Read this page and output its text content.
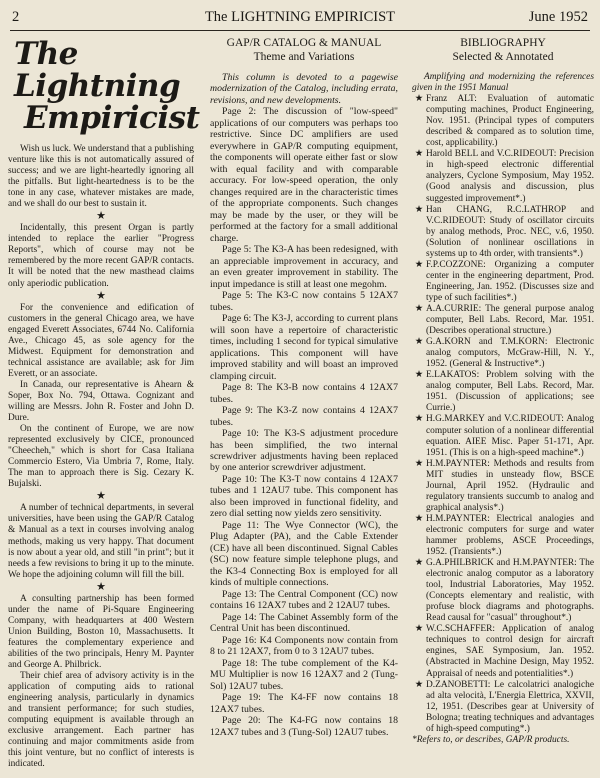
2	The LIGHTNING EMPIRICIST	June 1952
The Lightning
Empiricist

Wish us luck. We understand that a publishing venture like this is not automatically assured of success; and we are light-heartedly ignoring all the pitfalls. But light-heartedness is to be the tone in any case, whatever mistakes are made, and we shall do our best to sustain it.

★

Incidentally, this present Organ is partly intended to replace the earlier "Progress Reports", which of course may not be remembered by the more recent GAP/R contacts. It will be noted that the new masthead claims only aperiodic publication.

★

For the convenience and edification of customers in the general Chicago area, we have engaged Everett Associates, 6744 No. California Ave., Chicago 45, as sole agency for the Midwest. Equipment for demonstration and technical assistance are available; ask for Jim Everett, or an associate.

In Canada, our representative is Ahearn & Soper, Box No. 794, Ottawa. Cognizant and willing are Messrs. John R. Foster and John D. Dure.

On the continent of Europe, we are now represented exclusively by CICE, pronounced "Cheecheh," which is short for Casa Italiana Commercio Estero, Via Umbria 7, Rome, Italy. The man to approach there is Sig. Cezary K. Bujalski.

★

A number of technical departments, in several universities, have been using the GAP/R Catalog & Manual as a text in courses involving analog methods, making us very happy. That document is now about a year old, and still "in print"; but it needs a few revisions to bring it up to the minute. We hope the adjoining column will fill the bill.

★

A consulting partnership has been formed under the name of Pi-Square Engineering Company, with headquarters at 400 Western Union Building, Boston 10, Massachusetts. It features the complementary experience and abilities of the two principals, Henry M. Paynter and George A. Philbrick.

Their chief area of advisory activity is in the application of computing aids to rational engineering analysis, particularly in dynamics and transient performance; for such studies, computing equipment is available through an exclusive arrangement. Each partner has continuing and major commitments aside from this joint venture, but no conflict of interests is indicated.

GAP/R CATALOG & MANUAL
Theme and Variations

This column is devoted to a pagewise modernization of the Catalog, including errata, revisions, and new developments.

Page 2: The discussion of "low-speed" applications of our computers was perhaps too restrictive. Since DC amplifiers are used everywhere in GAP/R computing equipment, the components will operate either fast or slow with equal facility and with comparable accuracy. For low-speed operation, the only changes required are in the characteristic times of the appropriate components. Such changes may be made by the user, or they will be performed at the factory for a small additional charge.

Page 5: The K3-A has been redesigned, with an appreciable improvement in accuracy, and an even greater improvement in stability. The input impedance is still at least one megohm.

Page 5: The K3-C now contains 5 12AX7 tubes.

Page 6: The K3-J, according to current plans will soon have a repertoire of characteristic times, including 1 second for typical simulative applications. This component will have improved stability and will boast an improved clamping circuit.

Page 8: The K3-B now contains 4 12AX7 tubes.

Page 9: The K3-Z now contains 4 12AX7 tubes.

Page 10: The K3-S adjustment procedure has been simplified, the two internal screwdriver adjustments having been replaced by one anterior screwdriver adjustment.

Page 10: The K3-T now contains 4 12AX7 tubes and 1 12AU7 tube. This component has also been improved in functional fidelity, and zero dial setting now yields zero sensitivity.

Page 11: The Wye Connector (WC), the Plug Adapter (PA), and the Cable Extender (CE) have all been discontinued. Signal Cables (SC) now feature simple telephone plugs, and the K3-4 Connecting Box is employed for all kinds of multiple connections.

Page 13: The Central Component (CC) now contains 16 12AX7 tubes and 2 12AU7 tubes.

Page 14: The Cabinet Assembly form of the Central Unit has been discontinued.

Page 16: K4 Components now contain from 8 to 21 12AX7, from 0 to 3 12AU7 tubes.

Page 18: The tube complement of the K4-MU Multiplier is now 16 12AX7 and 2 (Tung-Sol) 12AU7 tubes.

Page 19: The K4-FF now contains 18 12AX7 tubes.

Page 20: The K4-FG now contains 18 12AX7 tubes and 3 (Tung-Sol) 12AU7 tubes.

BIBLIOGRAPHY
Selected & Annotated

Amplifying and modernizing the references given in the 1951 Manual

★ Franz ALT: Evaluation of automatic computing machines, Product Engineering, Nov. 1951. (Principal types of computers described & compared as to solution time, cost, applicability.)
★ Harold BELL and V.C.RIDEOUT: Precision in high-speed electronic differential analyzers, Cyclone Symposium, May 1952. (Good analysis and discussion, plus suggested improvement*.)
★ Han CHANG, R.C.LATHROP and V.C.RIDEOUT: Study of oscillator circuits by analog methods, Proc. NEC, v.6, 1950. (Solution of nonlinear oscillations in systems up to 4th order, with transients*.)
★ F.P.COZZONE: Organizing a computer center in the engineering department, Prod. Engineering, Jan. 1952. (Discusses size and type of such facilities*.)
★ A.A.CURRIE: The general purpose analog computer, Bell Labs. Record, Mar. 1951. (Describes operational structure.)
★ G.A.KORN and T.M.KORN: Electronic analog computors, McGraw-Hill, N. Y., 1952. (General & Instructive*.)
★ E.LAKATOS: Problem solving with the analog computer, Bell Labs. Record, Mar. 1951. (Discussion of applications; see Currie.)
★ H.G.MARKEY and V.C.RIDEOUT: Analog computer solution of a nonlinear differential equation. AIEE Misc. Paper 51-171, Apr. 1951. (This is on a high-speed machine*.)
★ H.M.PAYNTER: Methods and results from MIT studies in unsteady flow, BSCE Journal, April 1952. (Hydraulic and regulatory transients succumb to analog and graphical analysis*.)
★ H.M.PAYNTER: Electrical analogies and electronic computers for surge and water hammer problems, ASCE Proceedings, 1952. (Transients*.)
★ G.A.PHILBRICK and H.M.PAYNTER: The electronic analog computor as a laboratory tool, Industrial Laboratories, May 1952. (Concepts elementary and realistic, with profuse block diagrams and photographs. Read causal for "casual" throughout*.)
★ W.C.SCHAFFER: Application of analog techniques to control design for aircraft engines, SAE Symposium, Jan. 1952. (Abstracted in Machine Design, May 1952. Appraisal of needs and potentialities*.)
★ D.ZANOBETTI: Le calcolatrici analogiche ad alta velocità, L'Energia Elettrica, XXVII, 12, 1951. (Describes gear at University of Bologna; treating techniques and advantages of high-speed computing*.)

*Refers to, or describes, GAP/R products.
